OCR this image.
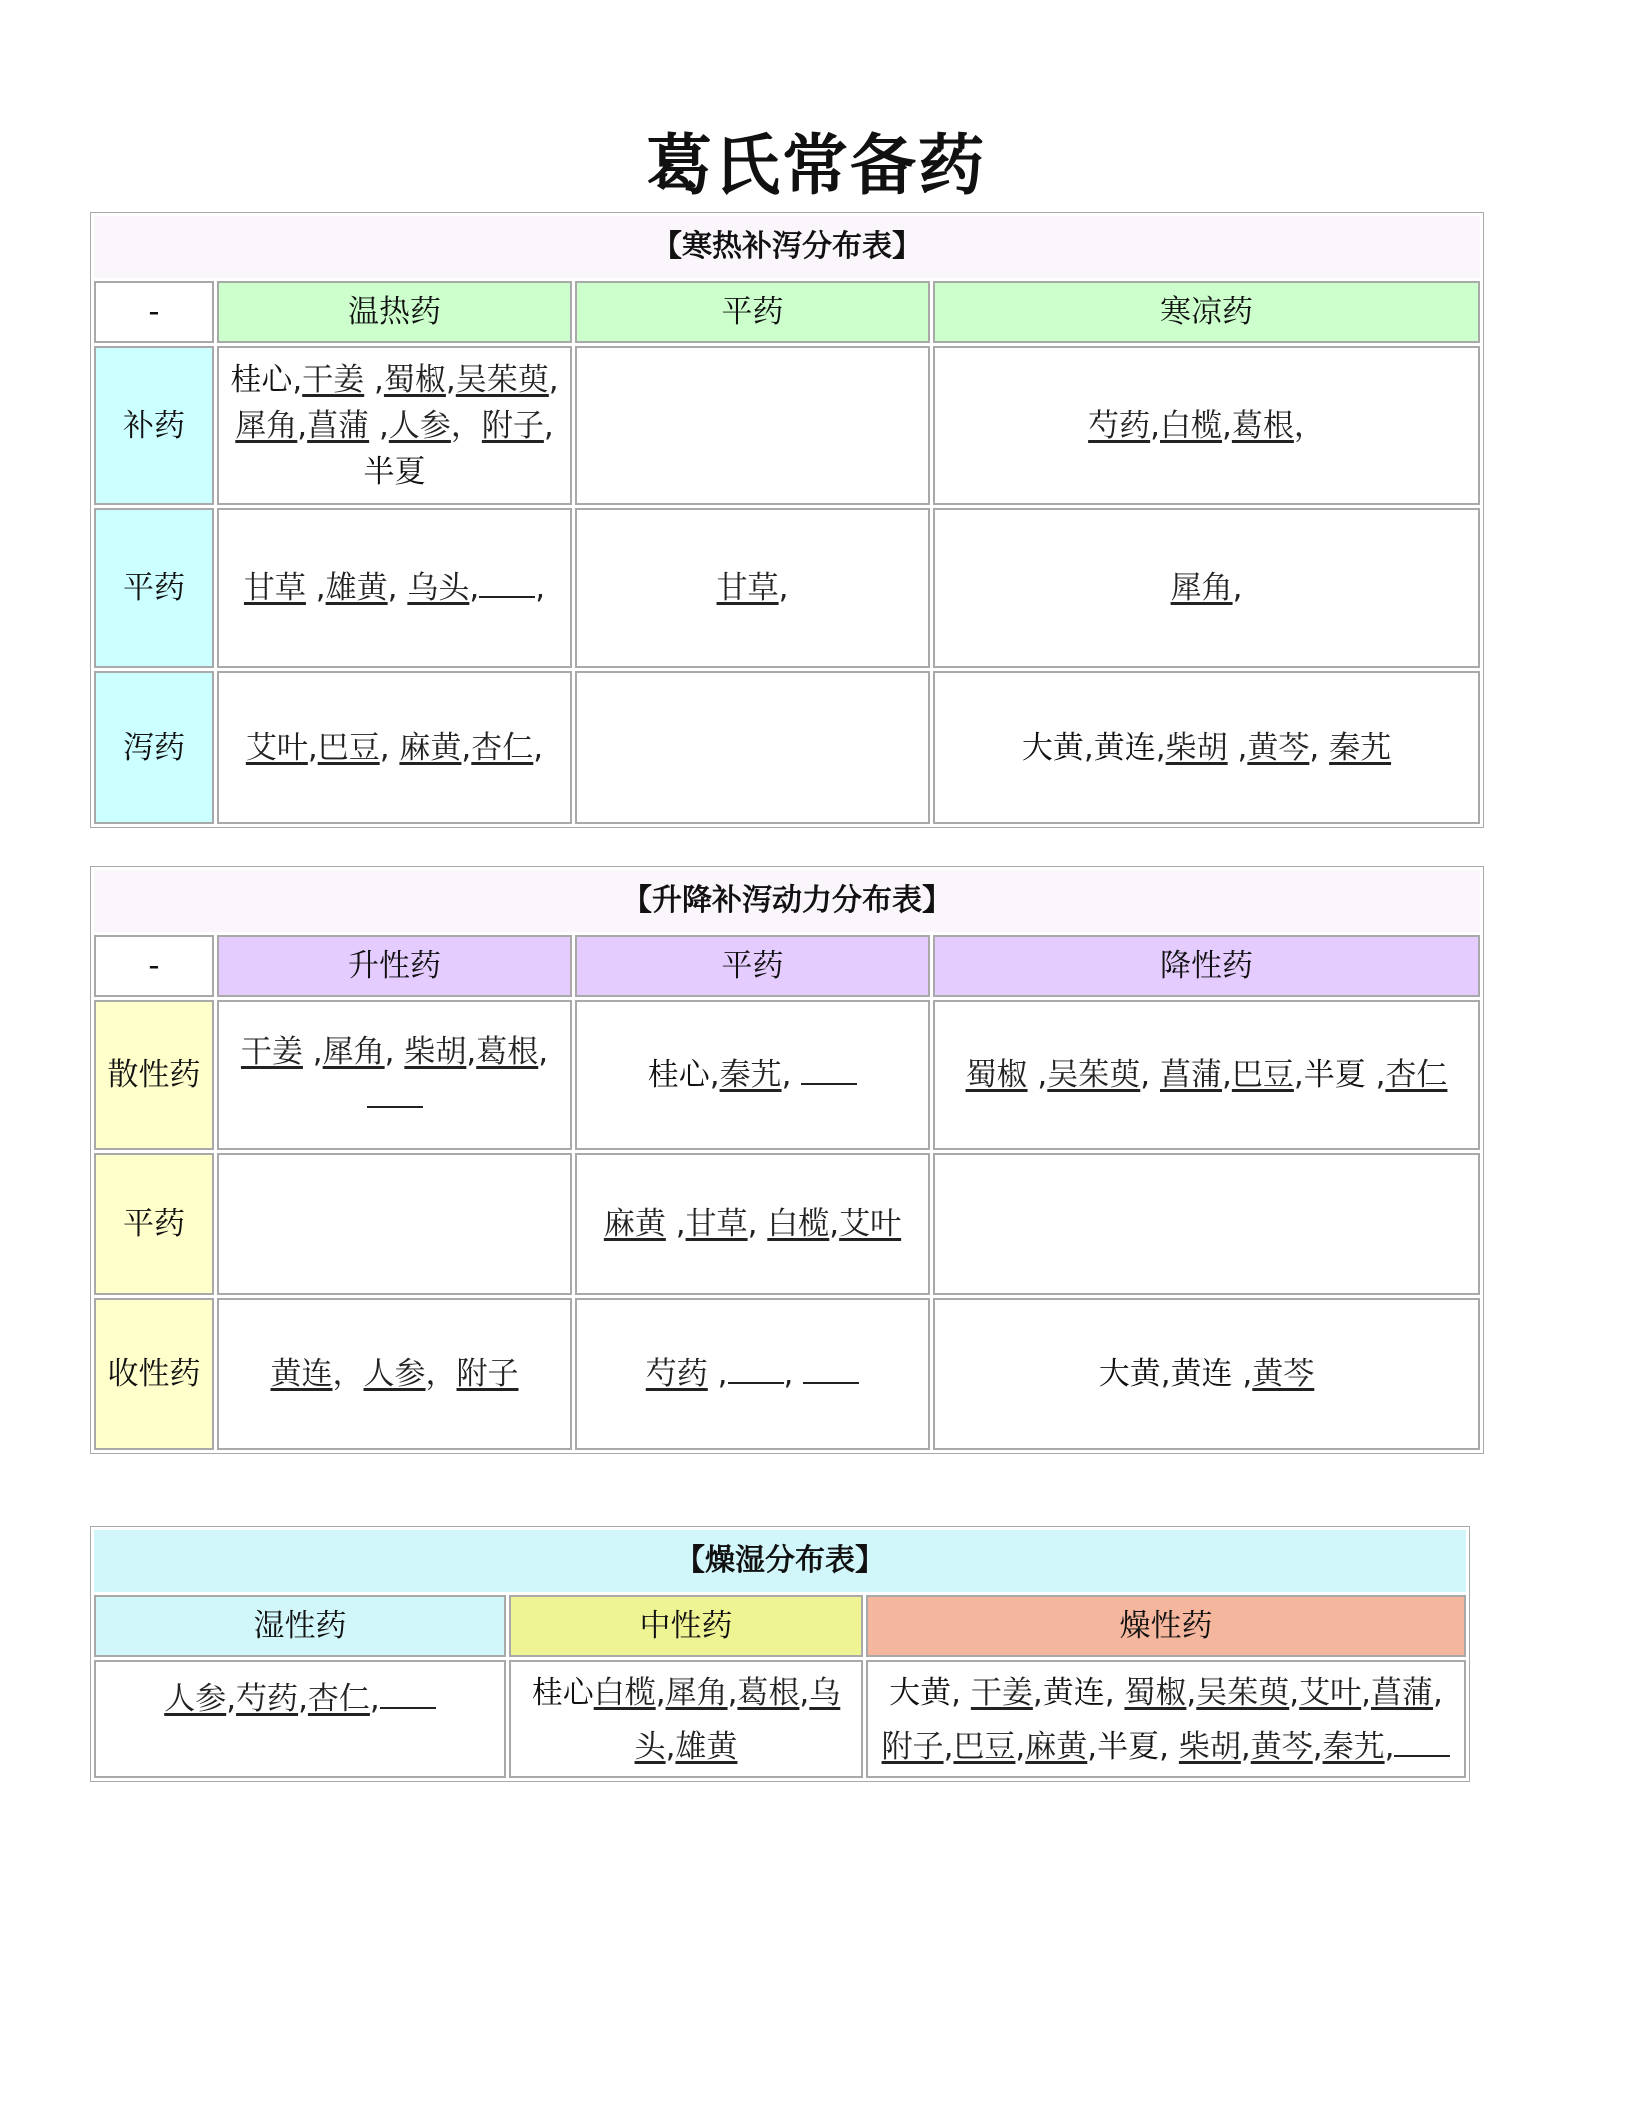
葛氏常备药
【寒热补泻分布表】			
-	温热药	平药	寒凉药
补药	桂心,干姜 ,蜀椒,吴茱萸,犀角,菖蒲 ,人参，附子,半夏		芍药,白榄,葛根，
平药	甘草 ,雄黄, 乌头, ,	甘草,	犀角,
泻药	艾叶,巴豆, 麻黄,杏仁,		大黄,黄连,柴胡 ,黄芩, 秦艽
【升降补泻动力分布表】			
-	升性药	平药	降性药
散性药	干姜 ,犀角, 柴胡,葛根,	桂心,秦艽,	蜀椒 ,吴茱萸, 菖蒲,巴豆,半夏 ,杏仁
平药		麻黄 ,甘草, 白榄,艾叶	
收性药	黄连，人参，附子	芍药 , ,	大黄,黄连 ,黄芩
【燥湿分布表】		
湿性药	中性药	燥性药
人参,芍药,杏仁,	桂心白榄,犀角,葛根,乌头,雄黄	大黄, 干姜,黄连, 蜀椒,吴茱萸,艾叶,菖蒲,附子,巴豆,麻黄,半夏, 柴胡,黄芩,秦艽,
